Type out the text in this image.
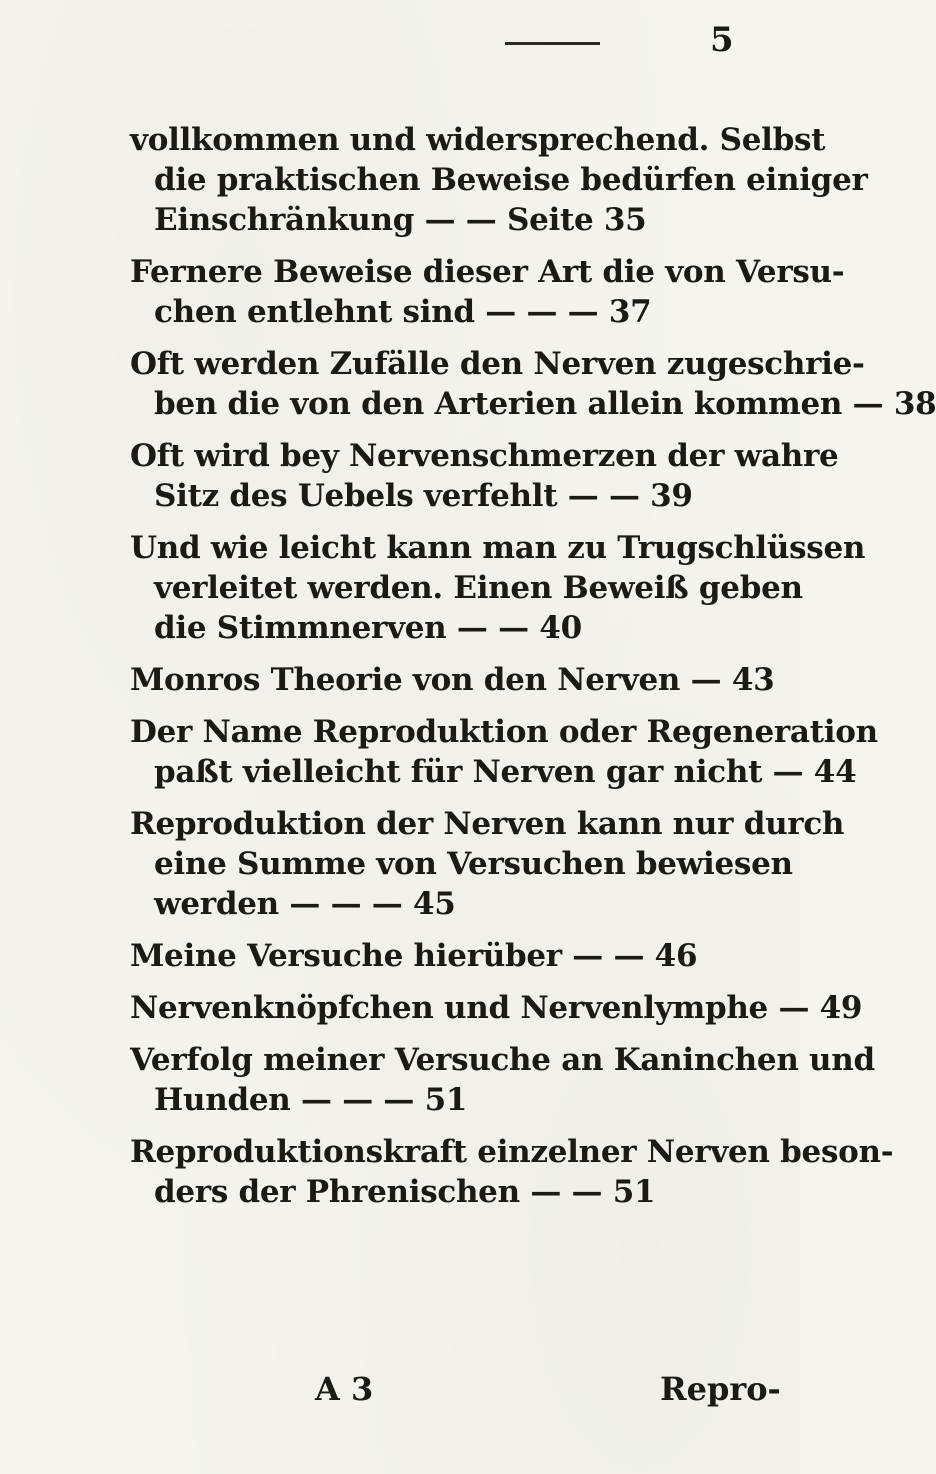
5
vollkommen und widersprechend. Selbst
die praktischen Beweise bedürfen einiger
Einschränkung — — Seite 35
Fernere Beweise dieser Art die von Versu-
chen entlehnt sind — — — 37
Oft werden Zufälle den Nerven zugeschrie-
ben die von den Arterien allein kommen — 38
Oft wird bey Nervenschmerzen der wahre
Sitz des Uebels verfehlt — — 39
Und wie leicht kann man zu Trugschlüssen
verleitet werden. Einen Beweiß geben
die Stimmnerven — — 40
Monros Theorie von den Nerven — 43
Der Name Reproduktion oder Regeneration
paßt vielleicht für Nerven gar nicht — 44
Reproduktion der Nerven kann nur durch
eine Summe von Versuchen bewiesen
werden — — — 45
Meine Versuche hierüber — — 46
Nervenknöpfchen und Nervenlymphe — 49
Verfolg meiner Versuche an Kaninchen und
Hunden — — — 51
Reproduktionskraft einzelner Nerven beson-
ders der Phrenischen — — 51
A 3	Repro-
